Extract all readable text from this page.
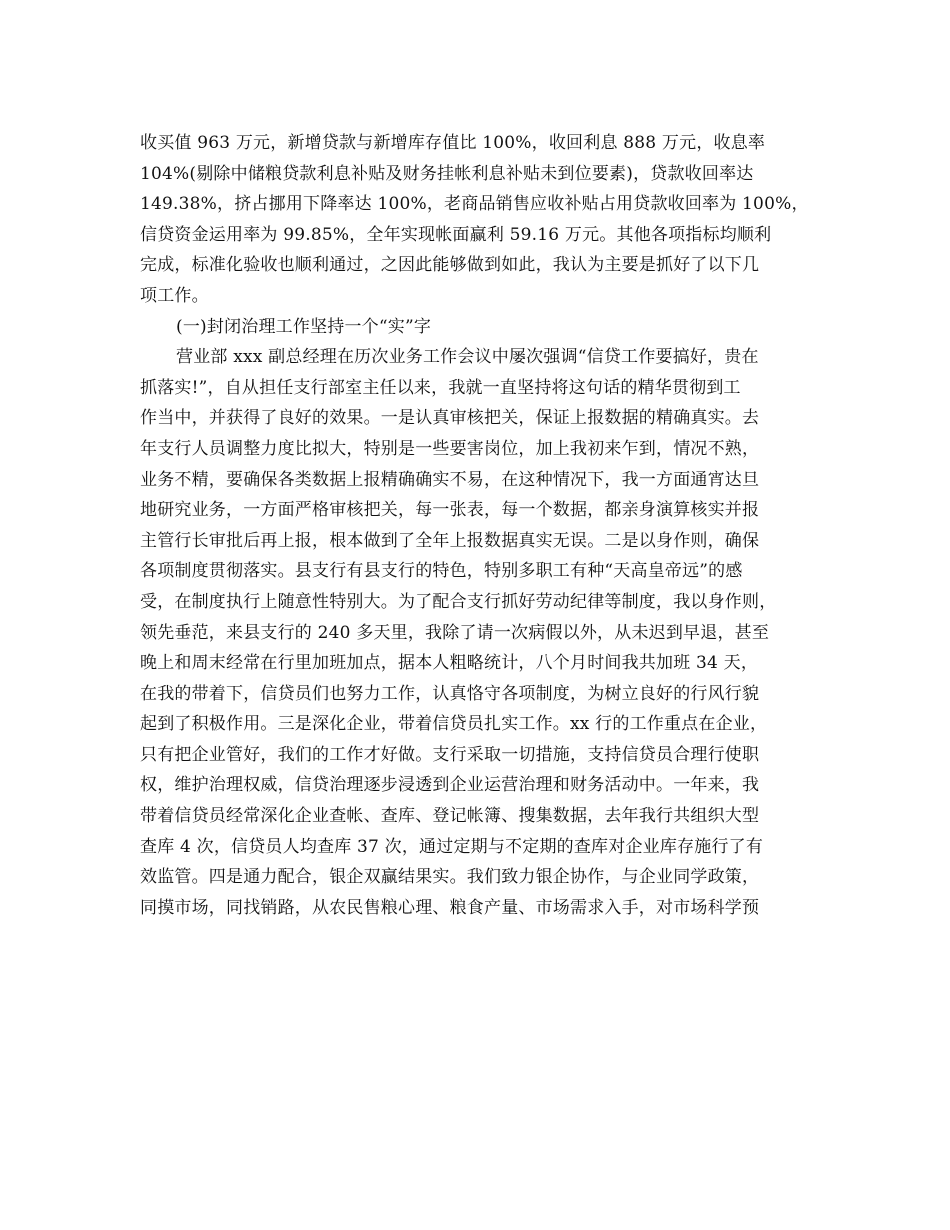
收买值 963 万元，新增贷款与新增库存值比 100%，收回利息 888 万元，收息率
104%(剔除中储粮贷款利息补贴及财务挂帐利息补贴未到位要素)，贷款收回率达
149.38%，挤占挪用下降率达 100%，老商品销售应收补贴占用贷款收回率为 100%，
信贷资金运用率为 99.85%，全年实现帐面赢利 59.16 万元。其他各项指标均顺利
完成，标准化验收也顺利通过，之因此能够做到如此，我认为主要是抓好了以下几
项工作。
(一)封闭治理工作坚持一个“实”字
营业部 xxx 副总经理在历次业务工作会议中屡次强调“信贷工作要搞好，贵在
抓落实!”，自从担任支行部室主任以来，我就一直坚持将这句话的精华贯彻到工
作当中，并获得了良好的效果。一是认真审核把关，保证上报数据的精确真实。去
年支行人员调整力度比拟大，特别是一些要害岗位，加上我初来乍到，情况不熟，
业务不精，要确保各类数据上报精确确实不易，在这种情况下，我一方面通宵达旦
地研究业务，一方面严格审核把关，每一张表，每一个数据，都亲身演算核实并报
主管行长审批后再上报，根本做到了全年上报数据真实无误。二是以身作则，确保
各项制度贯彻落实。县支行有县支行的特色，特别多职工有种“天高皇帝远”的感
受，在制度执行上随意性特别大。为了配合支行抓好劳动纪律等制度，我以身作则，
领先垂范，来县支行的 240 多天里，我除了请一次病假以外，从未迟到早退，甚至
晚上和周末经常在行里加班加点，据本人粗略统计，八个月时间我共加班 34 天，
在我的带着下，信贷员们也努力工作，认真恪守各项制度，为树立良好的行风行貌
起到了积极作用。三是深化企业，带着信贷员扎实工作。xx 行的工作重点在企业，
只有把企业管好，我们的工作才好做。支行采取一切措施，支持信贷员合理行使职
权，维护治理权威，信贷治理逐步浸透到企业运营治理和财务活动中。一年来，我
带着信贷员经常深化企业查帐、查库、登记帐簿、搜集数据，去年我行共组织大型
查库 4 次，信贷员人均查库 37 次，通过定期与不定期的查库对企业库存施行了有
效监管。四是通力配合，银企双赢结果实。我们致力银企协作，与企业同学政策，
同摸市场，同找销路，从农民售粮心理、粮食产量、市场需求入手，对市场科学预
